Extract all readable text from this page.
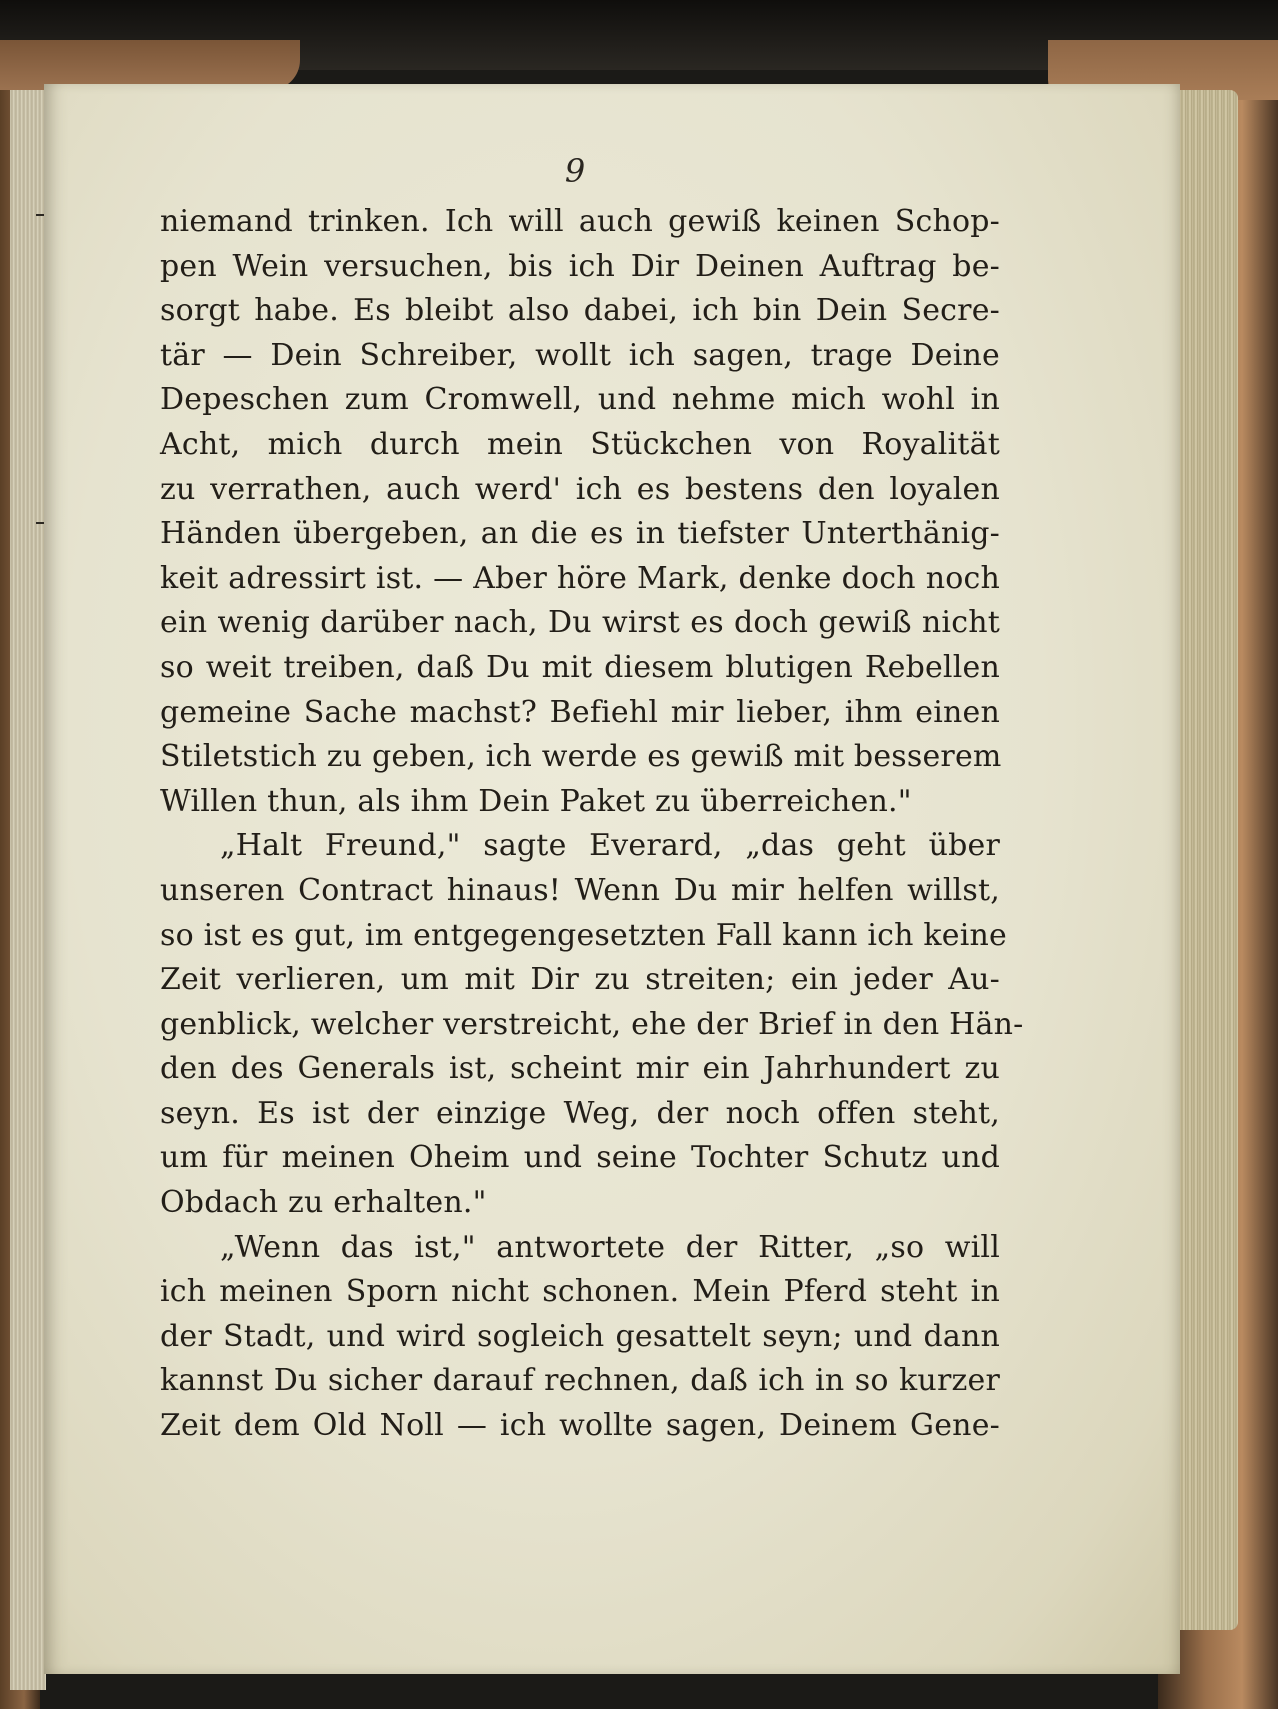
9
niemand trinken. Ich will auch gewiß keinen Schop-
pen Wein versuchen, bis ich Dir Deinen Auftrag be-
sorgt habe. Es bleibt also dabei, ich bin Dein Secre-
tär — Dein Schreiber, wollt ich sagen, trage Deine
Depeschen zum Cromwell, und nehme mich wohl in
Acht, mich durch mein Stückchen von Royalität
zu verrathen, auch werd' ich es bestens den loyalen
Händen übergeben, an die es in tiefster Unterthänig-
keit adressirt ist. — Aber höre Mark, denke doch noch
ein wenig darüber nach, Du wirst es doch gewiß nicht
so weit treiben, daß Du mit diesem blutigen Rebellen
gemeine Sache machst? Befiehl mir lieber, ihm einen
Stiletstich zu geben, ich werde es gewiß mit besserem
Willen thun, als ihm Dein Paket zu überreichen."
„Halt Freund," sagte Everard, „das geht über
unseren Contract hinaus! Wenn Du mir helfen willst,
so ist es gut, im entgegengesetzten Fall kann ich keine
Zeit verlieren, um mit Dir zu streiten; ein jeder Au-
genblick, welcher verstreicht, ehe der Brief in den Hän-
den des Generals ist, scheint mir ein Jahrhundert zu
seyn. Es ist der einzige Weg, der noch offen steht,
um für meinen Oheim und seine Tochter Schutz und
Obdach zu erhalten."
„Wenn das ist," antwortete der Ritter, „so will
ich meinen Sporn nicht schonen. Mein Pferd steht in
der Stadt, und wird sogleich gesattelt seyn; und dann
kannst Du sicher darauf rechnen, daß ich in so kurzer
Zeit dem Old Noll — ich wollte sagen, Deinem Gene-
